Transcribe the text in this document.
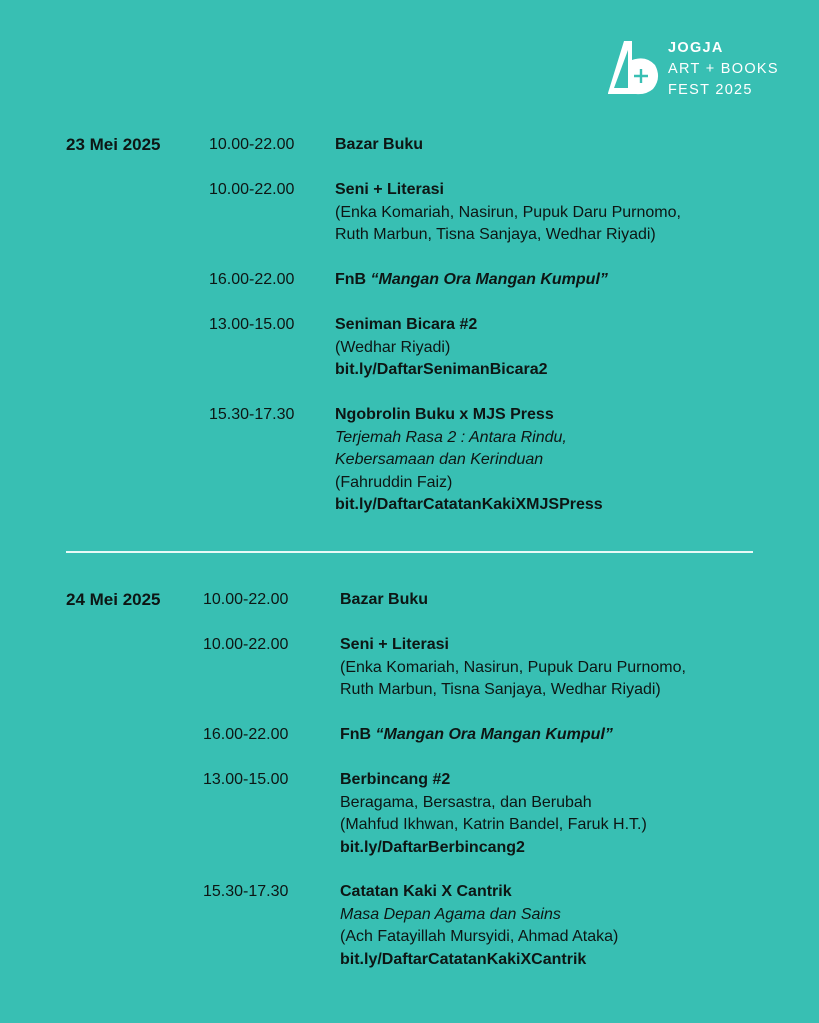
JOGJA
ART + BOOKS
FEST 2025
23 Mei 2025	10.00-22.00	Bazar Buku
10.00-22.00	Seni + Literasi
(Enka Komariah, Nasirun, Pupuk Daru Purnomo,
Ruth Marbun, Tisna Sanjaya, Wedhar Riyadi)
16.00-22.00	FnB “Mangan Ora Mangan Kumpul”
13.00-15.00	Seniman Bicara #2
(Wedhar Riyadi)
bit.ly/DaftarSenimanBicara2
15.30-17.30	Ngobrolin Buku x MJS Press
Terjemah Rasa 2 : Antara Rindu,
Kebersamaan dan Kerinduan
(Fahruddin Faiz)
bit.ly/DaftarCatatanKakiXMJSPress
24 Mei 2025	10.00-22.00	Bazar Buku
10.00-22.00	Seni + Literasi
(Enka Komariah, Nasirun, Pupuk Daru Purnomo,
Ruth Marbun, Tisna Sanjaya, Wedhar Riyadi)
16.00-22.00	FnB “Mangan Ora Mangan Kumpul”
13.00-15.00	Berbincang #2
Beragama, Bersastra, dan Berubah
(Mahfud Ikhwan, Katrin Bandel, Faruk H.T.)
bit.ly/DaftarBerbincang2
15.30-17.30	Catatan Kaki X Cantrik
Masa Depan Agama dan Sains
(Ach Fatayillah Mursyidi, Ahmad Ataka)
bit.ly/DaftarCatatanKakiXCantrik
